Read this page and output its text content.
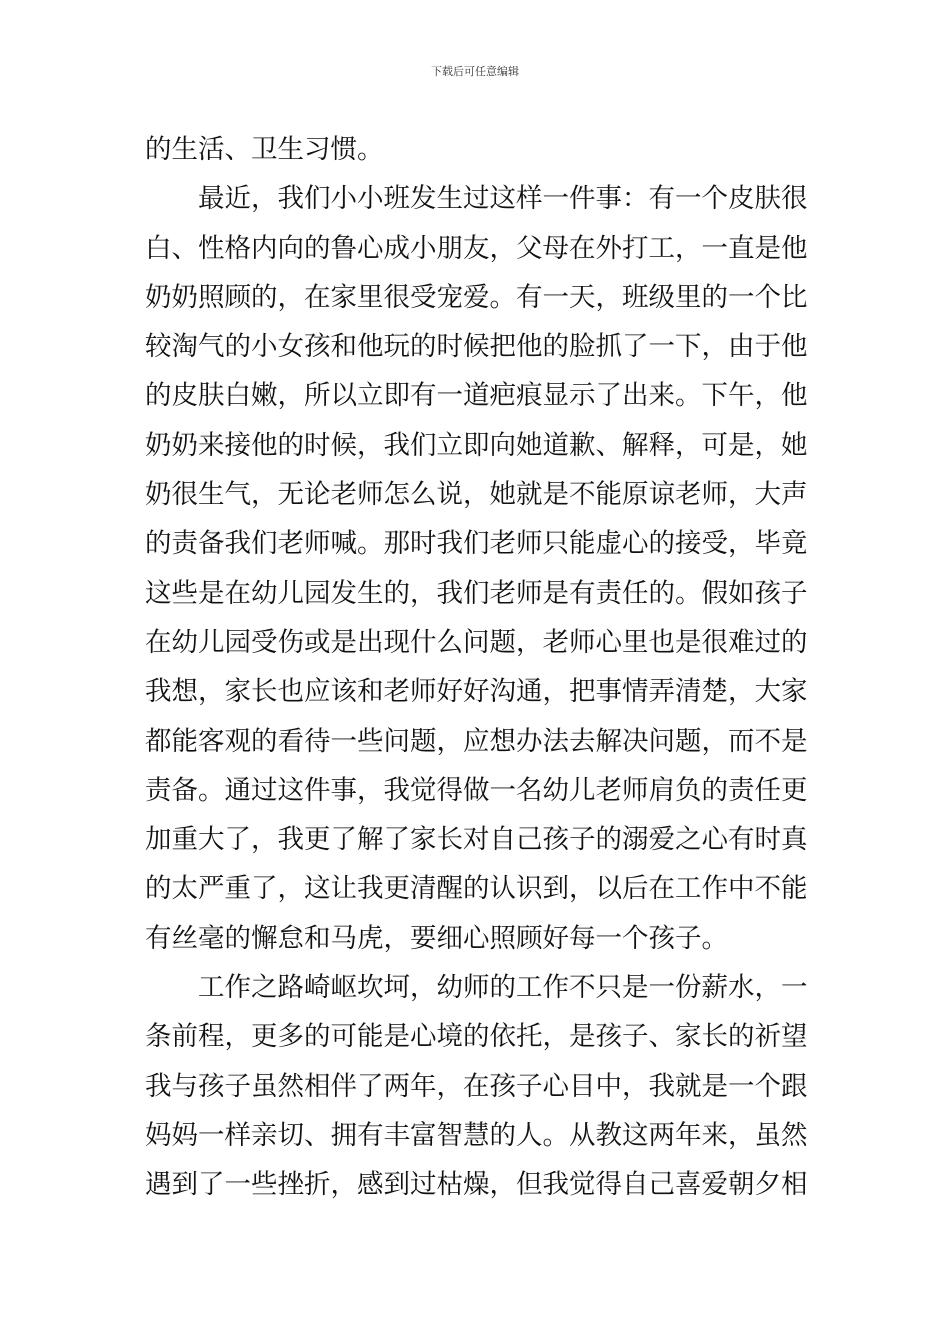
下载后可任意编辑
的生活、卫生习惯。
最近，我们小小班发生过这样一件事：有一个皮肤很
白、性格内向的鲁心成小朋友，父母在外打工，一直是他
奶奶照顾的，在家里很受宠爱。有一天，班级里的一个比
较淘气的小女孩和他玩的时候把他的脸抓了一下，由于他
的皮肤白嫩，所以立即有一道疤痕显示了出来。下午，他
奶奶来接他的时候，我们立即向她道歉、解释，可是，她
奶很生气，无论老师怎么说，她就是不能原谅老师，大声
的责备我们老师喊。那时我们老师只能虚心的接受，毕竟
这些是在幼儿园发生的，我们老师是有责任的。假如孩子
在幼儿园受伤或是出现什么问题，老师心里也是很难过的
我想，家长也应该和老师好好沟通，把事情弄清楚，大家
都能客观的看待一些问题，应想办法去解决问题，而不是
责备。通过这件事，我觉得做一名幼儿老师肩负的责任更
加重大了，我更了解了家长对自己孩子的溺爱之心有时真
的太严重了，这让我更清醒的认识到，以后在工作中不能
有丝毫的懈怠和马虎，要细心照顾好每一个孩子。
工作之路崎岖坎坷，幼师的工作不只是一份薪水，一
条前程，更多的可能是心境的依托，是孩子、家长的祈望
我与孩子虽然相伴了两年，在孩子心目中，我就是一个跟
妈妈一样亲切、拥有丰富智慧的人。从教这两年来，虽然
遇到了一些挫折，感到过枯燥，但我觉得自己喜爱朝夕相
